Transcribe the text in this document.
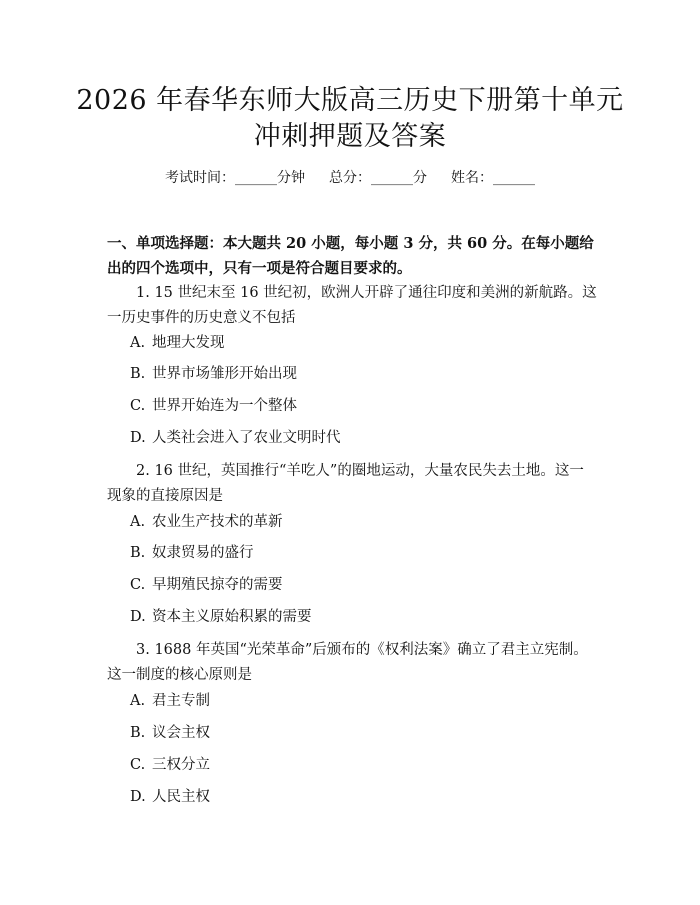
2026 年春华东师大版高三历史下册第十单元
冲刺押题及答案
考试时间：______分钟 总分：______分 姓名：______
一、单项选择题：本大题共 20 小题，每小题 3 分，共 60 分。在每小题给出的四个选项中，只有一项是符合题目要求的。
1. 15 世纪末至 16 世纪初，欧洲人开辟了通往印度和美洲的新航路。这一历史事件的历史意义不包括
A. 地理大发现
B. 世界市场雏形开始出现
C. 世界开始连为一个整体
D. 人类社会进入了农业文明时代
2. 16 世纪，英国推行“羊吃人”的圈地运动，大量农民失去土地。这一现象的直接原因是
A. 农业生产技术的革新
B. 奴隶贸易的盛行
C. 早期殖民掠夺的需要
D. 资本主义原始积累的需要
3. 1688 年英国“光荣革命”后颁布的《权利法案》确立了君主立宪制。这一制度的核心原则是
A. 君主专制
B. 议会主权
C. 三权分立
D. 人民主权
